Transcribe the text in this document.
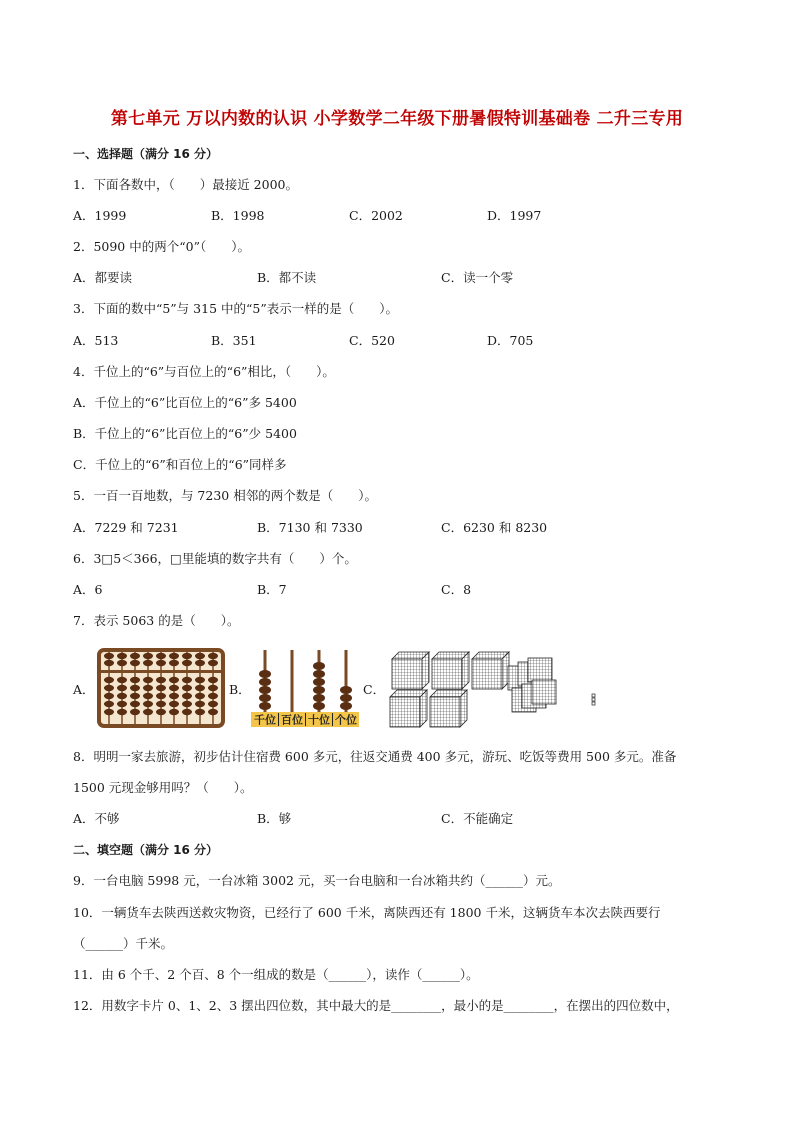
第七单元 万以内数的认识 小学数学二年级下册暑假特训基础卷 二升三专用
一、选择题（满分 16 分）
1．下面各数中，（　　）最接近 2000。
A．1999	B．1998	C．2002	D．1997
2．5090 中的两个“0”（　　）。
A．都要读	B．都不读	C．读一个零
3．下面的数中“5”与 315 中的“5”表示一样的是（　　）。
A．513	B．351	C．520	D．705
4．千位上的“6”与百位上的“6”相比，（　　）。
A．千位上的“6”比百位上的“6”多 5400
B．千位上的“6”比百位上的“6”少 5400
C．千位上的“6”和百位上的“6”同样多
5．一百一百地数，与 7230 相邻的两个数是（　　）。
A．7229 和 7231	B．7130 和 7330	C．6230 和 8230
6．3□5＜366，□里能填的数字共有（　　）个。
A．6	B．7	C．8
7．表示 5063 的是（　　）。
A．	B．	C．
千位 百位 十位 个位
8．明明一家去旅游，初步估计住宿费 600 多元，往返交通费 400 多元，游玩、吃饭等费用 500 多元。准备
1500 元现金够用吗？（　　）。
A．不够	B．够	C．不能确定
二、填空题（满分 16 分）
9．一台电脑 5998 元，一台冰箱 3002 元，买一台电脑和一台冰箱共约（______）元。
10．一辆货车去陕西送救灾物资，已经行了 600 千米，离陕西还有 1800 千米，这辆货车本次去陕西要行
（______）千米。
11．由 6 个千、2 个百、8 个一组成的数是（______），读作（______）。
12．用数字卡片 0、1、2、3 摆出四位数，其中最大的是________，最小的是________，在摆出的四位数中，
